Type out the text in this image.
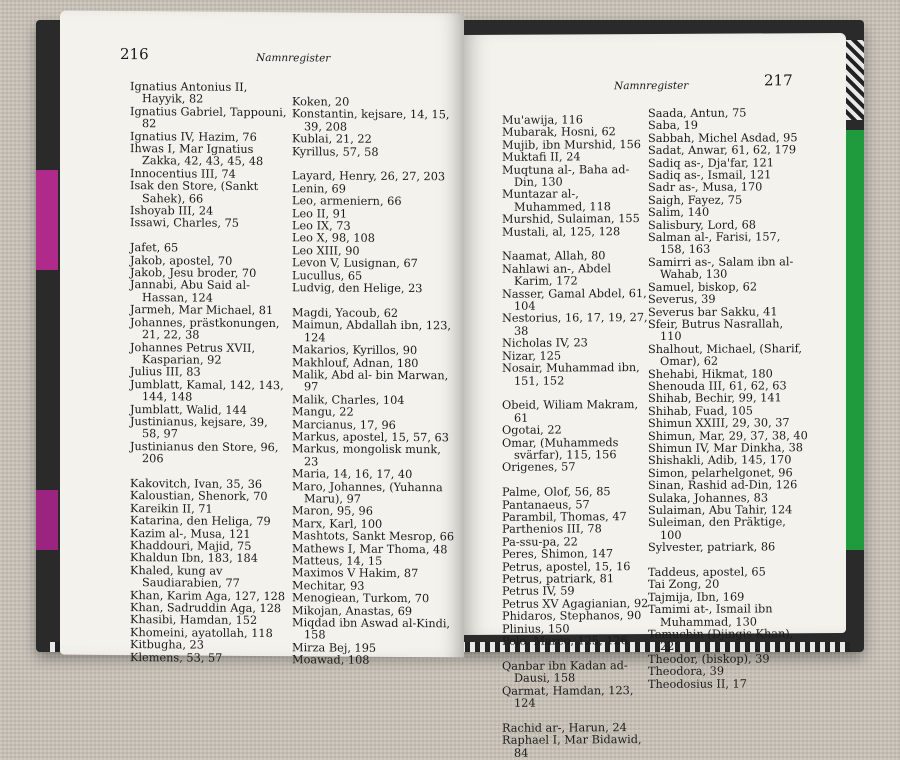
216	Namnregister
Ignatius Antonius II, Hayyik, 82
Ignatius Gabriel, Tappouni, 82
Ignatius IV, Hazim, 76
Ihwas I, Mar Ignatius Zakka, 42, 43, 45, 48
Innocentius III, 74
Isak den Store, (Sankt Sahek), 66
Ishoyab III, 24
Issawi, Charles, 75
Jafet, 65
Jakob, apostel, 70
Jakob, Jesu broder, 70
Jannabi, Abu Said al-Hassan, 124
Jarmeh, Mar Michael, 81
Johannes, prästkonungen, 21, 22, 38
Johannes Petrus XVII, Kasparian, 92
Julius III, 83
Jumblatt, Kamal, 142, 143, 144, 148
Jumblatt, Walid, 144
Justinianus, kejsare, 39, 58, 97
Justinianus den Store, 96, 206
Kakovitch, Ivan, 35, 36
Kaloustian, Shenork, 70
Kareikin II, 71
Katarina, den Heliga, 79
Kazim al-, Musa, 121
Khaddouri, Majid, 75
Khaldun Ibn, 183, 184
Khaled, kung av Saudiarabien, 77
Khan, Karim Aga, 127, 128
Khan, Sadruddin Aga, 128
Khasibi, Hamdan, 152
Khomeini, ayatollah, 118
Kitbugha, 23
Klemens, 53, 57
Koken, 20
Konstantin, kejsare, 14, 15, 39, 208
Kublai, 21, 22
Kyrillus, 57, 58
Layard, Henry, 26, 27, 203
Lenin, 69
Leo, armeniern, 66
Leo II, 91
Leo IX, 73
Leo X, 98, 108
Leo XIII, 90
Levon V, Lusignan, 67
Lucullus, 65
Ludvig, den Helige, 23
Magdi, Yacoub, 62
Maimun, Abdallah ibn, 123, 124
Makarios, Kyrillos, 90
Makhlouf, Adnan, 180
Malik, Abd al- bin Marwan, 97
Malik, Charles, 104
Mangu, 22
Marcianus, 17, 96
Markus, apostel, 15, 57, 63
Markus, mongolisk munk, 23
Maria, 14, 16, 17, 40
Maro, Johannes, (Yuhanna Maru), 97
Maron, 95, 96
Marx, Karl, 100
Mashtots, Sankt Mesrop, 66
Mathews I, Mar Thoma, 48
Matteus, 14, 15
Maximos V Hakim, 87
Mechitar, 93
Menogiean, Turkom, 70
Mikojan, Anastas, 69
Miqdad ibn Aswad al-Kindi, 158
Mirza Bej, 195
Moawad, 108
Namnregister	217
Mu'awija, 116
Mubarak, Hosni, 62
Mujib, ibn Murshid, 156
Muktafi II, 24
Muqtuna al-, Baha ad-Din, 130
Muntazar al-, Muhammed, 118
Murshid, Sulaiman, 155
Mustali, al, 125, 128
Naamat, Allah, 80
Nahlawi an-, Abdel Karim, 172
Nasser, Gamal Abdel, 61, 104
Nestorius, 16, 17, 19, 27, 38
Nicholas IV, 23
Nizar, 125
Nosair, Muhammad ibn, 151, 152
Obeid, Wiliam Makram, 61
Ogotai, 22
Omar, (Muhammeds svärfar), 115, 156
Origenes, 57
Palme, Olof, 56, 85
Pantanaeus, 57
Parambil, Thomas, 47
Parthenios III, 78
Pa-ssu-pa, 22
Peres, Shimon, 147
Petrus, apostel, 15, 16
Petrus, patriark, 81
Petrus IV, 59
Petrus XV Agagianian, 92
Phidaros, Stephanos, 90
Plinius, 150
Polo, Marco, 125, 126
Qanbar ibn Kadan ad-Dausi, 158
Qarmat, Hamdan, 123, 124
Rachid ar-, Harun, 24
Raphael I, Mar Bidawid, 84
Saada, Antun, 75
Saba, 19
Sabbah, Michel Asdad, 95
Sadat, Anwar, 61, 62, 179
Sadiq as-, Dja'far, 121
Sadiq as-, Ismail, 121
Sadr as-, Musa, 170
Saigh, Fayez, 75
Salim, 140
Salisbury, Lord, 68
Salman al-, Farisi, 157, 158, 163
Samirri as-, Salam ibn al-Wahab, 130
Samuel, biskop, 62
Severus, 39
Severus bar Sakku, 41
Sfeir, Butrus Nasrallah, 110
Shalhout, Michael, (Sharif, Omar), 62
Shehabi, Hikmat, 180
Shenouda III, 61, 62, 63
Shihab, Bechir, 99, 141
Shihab, Fuad, 105
Shimun XXIII, 29, 30, 37
Shimun, Mar, 29, 37, 38, 40
Shimun IV, Mar Dinkha, 38
Shishakli, Adib, 145, 170
Simon, pelarhelgonet, 96
Sinan, Rashid ad-Din, 126
Sulaka, Johannes, 83
Sulaiman, Abu Tahir, 124
Suleiman, den Präktige, 100
Sylvester, patriark, 86
Taddeus, apostel, 65
Tai Zong, 20
Tajmija, Ibn, 169
Tamimi at-, Ismail ibn Muhammad, 130
Temuchin (Djingis Khan), 22
Theodor, (biskop), 39
Theodora, 39
Theodosius II, 17
